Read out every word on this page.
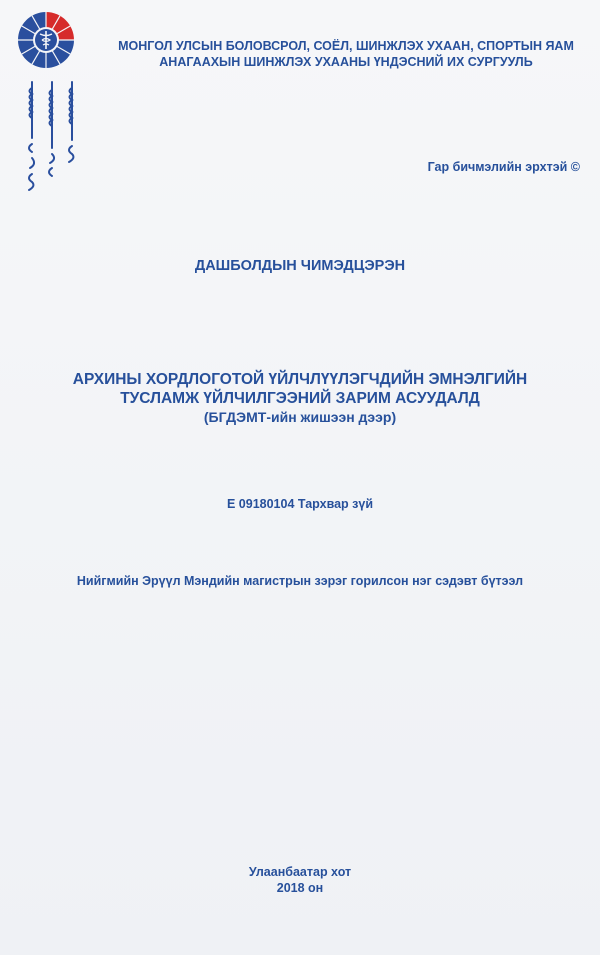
МОНГОЛ УЛСЫН БОЛОВСРОЛ, СОЁЛ, ШИНЖЛЭХ УХААН, СПОРТЫН ЯАМ
АНАГААХЫН ШИНЖЛЭХ УХААНЫ ҮНДЭСНИЙ ИХ СУРГУУЛЬ
Гар бичмэлийн эрхтэй ©
ДАШБОЛДЫН ЧИМЭДЦЭРЭН
АРХИНЫ ХОРДЛОГОТОЙ ҮЙЛЧЛҮҮЛЭГЧДИЙН ЭМНЭЛГИЙН
ТУСЛАМЖ ҮЙЛЧИЛГЭЭНИЙ ЗАРИМ АСУУДАЛД
(БГДЭМТ-ийн жишээн дээр)
Е 09180104 Тархвар зүй
Нийгмийн Эрүүл Мэндийн магистрын зэрэг горилсон нэг сэдэвт бүтээл
Улаанбаатар хот
2018 он
